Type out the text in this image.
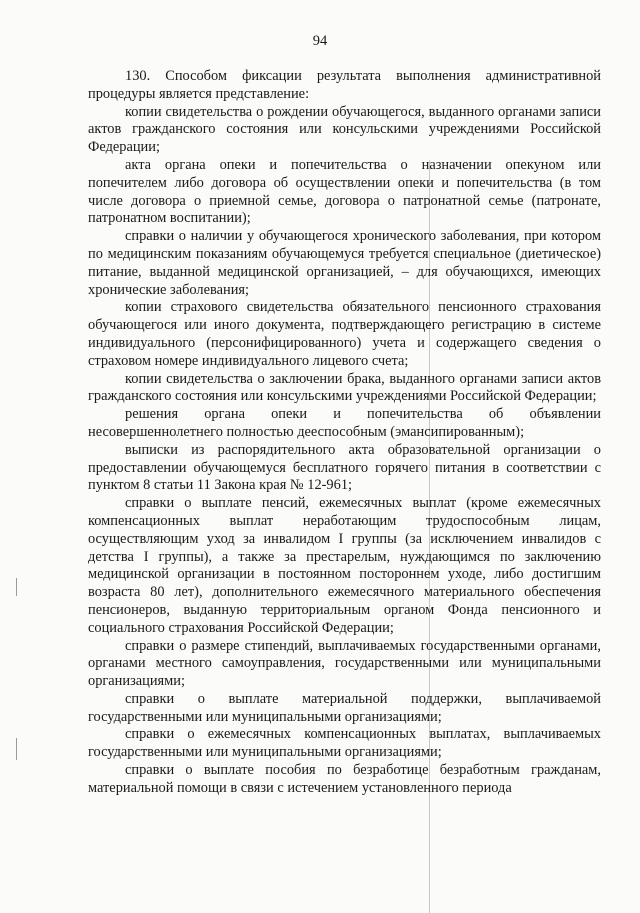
94

130. Способом фиксации результата выполнения административной процедуры является представление:

копии свидетельства о рождении обучающегося, выданного органами записи актов гражданского состояния или консульскими учреждениями Российской Федерации;

акта органа опеки и попечительства о назначении опекуном или попечителем либо договора об осуществлении опеки и попечительства (в том числе договора о приемной семье, договора о патронатной семье (патронате, патронатном воспитании);

справки о наличии у обучающегося хронического заболевания, при котором по медицинским показаниям обучающемуся требуется специальное (диетическое) питание, выданной медицинской организацией, – для обучающихся, имеющих хронические заболевания;

копии страхового свидетельства обязательного пенсионного страхования обучающегося или иного документа, подтверждающего регистрацию в системе индивидуального (персонифицированного) учета и содержащего сведения о страховом номере индивидуального лицевого счета;

копии свидетельства о заключении брака, выданного органами записи актов гражданского состояния или консульскими учреждениями Российской Федерации;

решения органа опеки и попечительства об объявлении несовершеннолетнего полностью дееспособным (эмансипированным);

выписки из распорядительного акта образовательной организации о предоставлении обучающемуся бесплатного горячего питания в соответствии с пунктом 8 статьи 11 Закона края № 12-961;

справки о выплате пенсий, ежемесячных выплат (кроме ежемесячных компенсационных выплат неработающим трудоспособным лицам, осуществляющим уход за инвалидом I группы (за исключением инвалидов с детства I группы), а также за престарелым, нуждающимся по заключению медицинской организации в постоянном постороннем уходе, либо достигшим возраста 80 лет), дополнительного ежемесячного материального обеспечения пенсионеров, выданную территориальным органом Фонда пенсионного и социального страхования Российской Федерации;

справки о размере стипендий, выплачиваемых государственными органами, органами местного самоуправления, государственными или муниципальными организациями;

справки о выплате материальной поддержки, выплачиваемой государственными или муниципальными организациями;

справки о ежемесячных компенсационных выплатах, выплачиваемых государственными или муниципальными организациями;

справки о выплате пособия по безработице безработным гражданам, материальной помощи в связи с истечением установленного периода
